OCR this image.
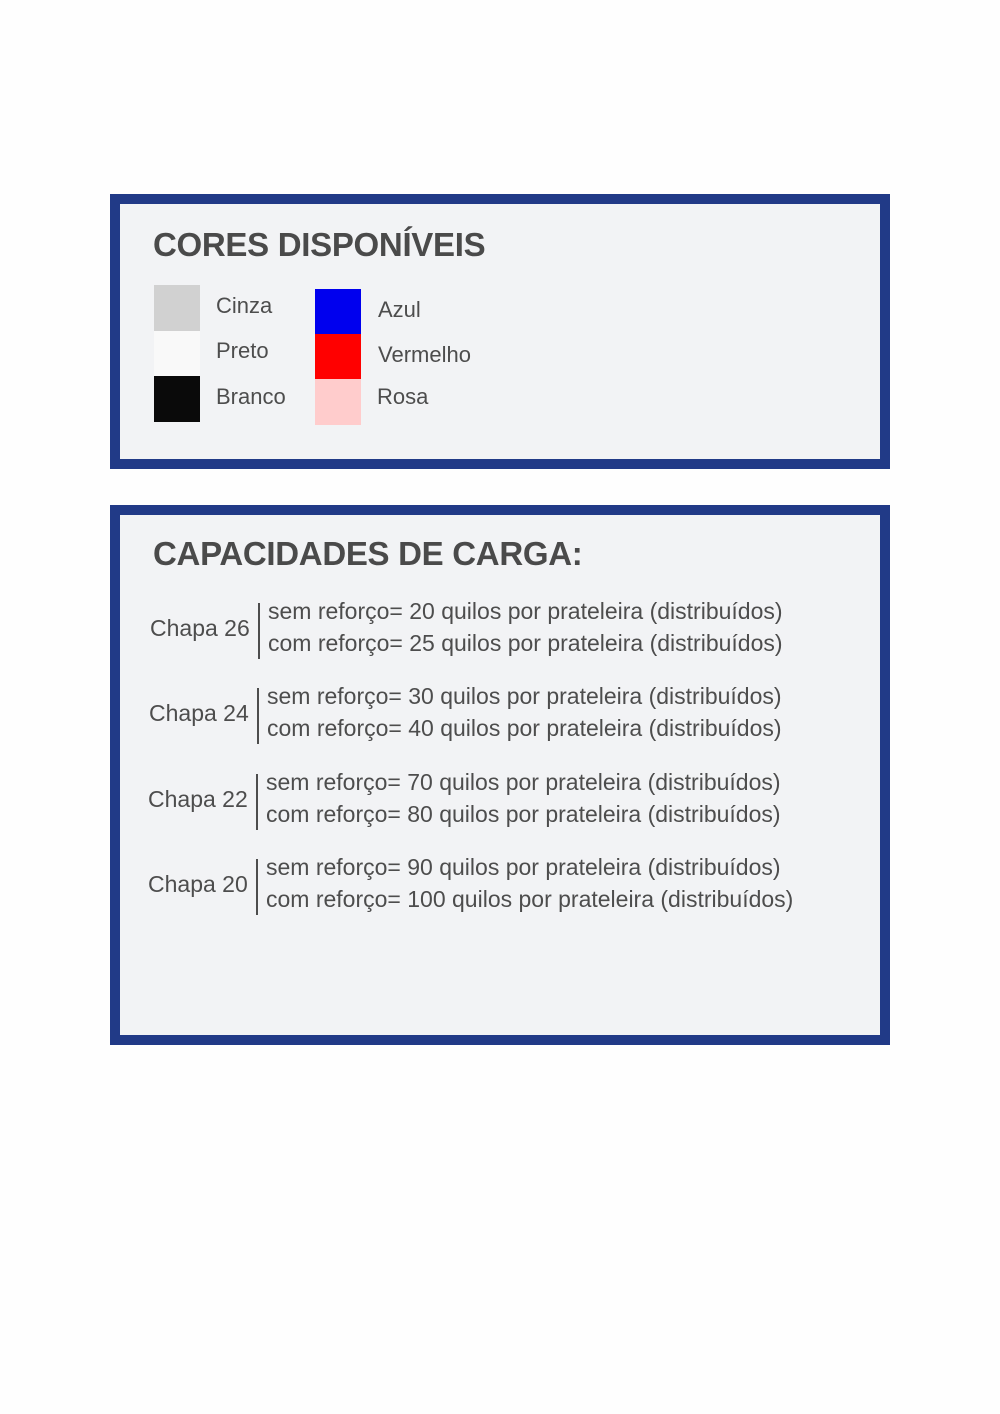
CORES DISPONÍVEIS
Cinza
Preto
Branco
Azul
Vermelho
Rosa
CAPACIDADES DE CARGA:
Chapa 26
sem reforço= 20 quilos por prateleira (distribuídos)
com reforço= 25 quilos por prateleira (distribuídos)
Chapa 24
sem reforço= 30 quilos por prateleira (distribuídos)
com reforço= 40 quilos por prateleira (distribuídos)
Chapa 22
sem reforço= 70 quilos por prateleira (distribuídos)
com reforço= 80 quilos por prateleira (distribuídos)
Chapa 20
sem reforço= 90 quilos por prateleira (distribuídos)
com reforço= 100 quilos por prateleira (distribuídos)
